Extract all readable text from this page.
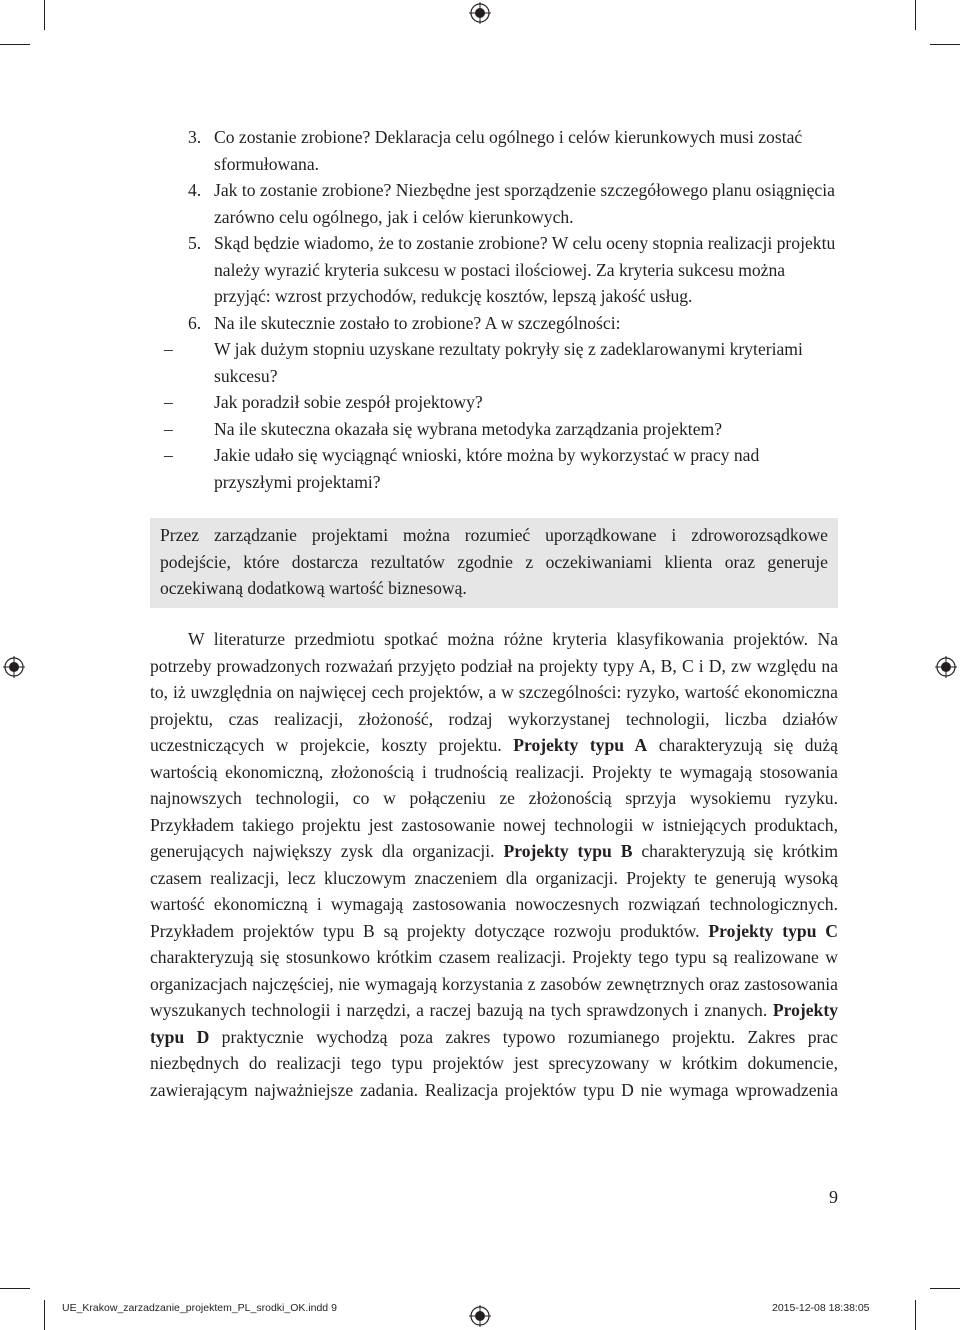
3. Co zostanie zrobione? Deklaracja celu ogólnego i celów kierunkowych musi zostać sformułowana.
4. Jak to zostanie zrobione? Niezbędne jest sporządzenie szczegółowego planu osiągnięcia zarówno celu ogólnego, jak i celów kierunkowych.
5. Skąd będzie wiadomo, że to zostanie zrobione? W celu oceny stopnia realizacji projektu należy wyrazić kryteria sukcesu w postaci ilościowej. Za kryteria sukcesu można przyjąć: wzrost przychodów, redukcję kosztów, lepszą jakość usług.
6. Na ile skutecznie zostało to zrobione? A w szczególności:
– W jak dużym stopniu uzyskane rezultaty pokryły się z zadeklarowanymi kryteriami sukcesu?
– Jak poradził sobie zespół projektowy?
– Na ile skuteczna okazała się wybrana metodyka zarządzania projektem?
– Jakie udało się wyciągnąć wnioski, które można by wykorzystać w pracy nad przyszłymi projektami?
Przez zarządzanie projektami można rozumieć uporządkowane i zdroworozsądkowe podejście, które dostarcza rezultatów zgodnie z oczekiwaniami klienta oraz generuje oczekiwaną dodatkową wartość biznesową.

W literaturze przedmiotu spotkać można różne kryteria klasyfikowania projektów. Na potrzeby prowadzonych rozważań przyjęto podział na projekty typy A, B, C i D, zw względu na to, iż uwzględnia on najwięcej cech projektów, a w szczególności: ryzyko, wartość ekonomiczna projektu, czas realizacji, złożoność, rodzaj wykorzystanej technologii, liczba działów uczestniczących w projekcie, koszty projektu. Projekty typu A charakteryzują się dużą wartością ekonomiczną, złożonością i trudnością realizacji. Projekty te wymagają stosowania najnowszych technologii, co w połączeniu ze złożonością sprzyja wysokiemu ryzyku. Przykładem takiego projektu jest zastosowanie nowej technologii w istniejących produktach, generujących największy zysk dla organizacji. Projekty typu B charakteryzują się krótkim czasem realizacji, lecz kluczowym znaczeniem dla organizacji. Projekty te generują wysoką wartość ekonomiczną i wymagają zastosowania nowoczesnych rozwiązań technologicznych. Przykładem projektów typu B są projekty dotyczące rozwoju produktów. Projekty typu C charakteryzują się stosunkowo krótkim czasem realizacji. Projekty tego typu są realizowane w organizacjach najczęściej, nie wymagają korzystania z zasobów zewnętrznych oraz zastosowania wyszukanych technologii i narzędzi, a raczej bazują na tych sprawdzonych i znanych. Projekty typu D praktycznie wychodzą poza zakres typowo rozumianego projektu. Zakres prac niezbędnych do realizacji tego typu projektów jest sprecyzowany w krótkim dokumencie, zawierającym najważniejsze zadania. Realizacja projektów typu D nie wymaga wprowadzenia

9
UE_Krakow_zarzadzanie_projektem_PL_srodki_OK.indd 9	2015-12-08 18:38:05
